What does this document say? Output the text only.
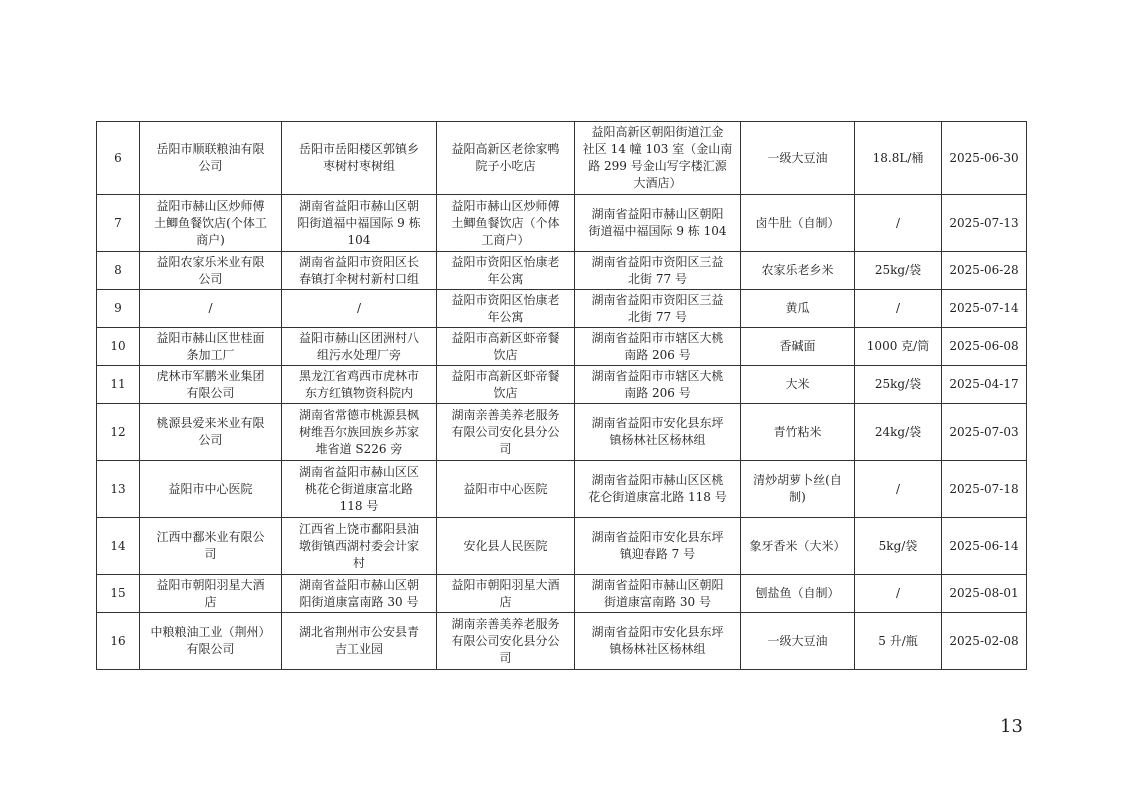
6	岳阳市顺联粮油有限
公司	岳阳市岳阳楼区郭镇乡
枣树村枣树组	益阳高新区老徐家鸭
院子小吃店	益阳高新区朝阳街道江金
社区 14 幢 103 室（金山南
路 299 号金山写字楼汇源
大酒店）	一级大豆油	18.8L/桶	2025-06-30
7	益阳市赫山区炒师傅
土鲫鱼餐饮店(个体工
商户)	湖南省益阳市赫山区朝
阳街道福中福国际 9 栋
104	益阳市赫山区炒师傅
土鲫鱼餐饮店（个体
工商户）	湖南省益阳市赫山区朝阳
街道福中福国际 9 栋 104	卤牛肚（自制）	/	2025-07-13
8	益阳农家乐米业有限
公司	湖南省益阳市资阳区长
春镇打伞树村新村口组	益阳市资阳区怡康老
年公寓	湖南省益阳市资阳区三益
北街 77 号	农家乐老乡米	25kg/袋	2025-06-28
9	/	/	益阳市资阳区怡康老
年公寓	湖南省益阳市资阳区三益
北街 77 号	黄瓜	/	2025-07-14
10	益阳市赫山区世桂面
条加工厂	益阳市赫山区团洲村八
组污水处理厂旁	益阳市高新区虾帝餐
饮店	湖南省益阳市市辖区大桃
南路 206 号	香碱面	1000 克/筒	2025-06-08
11	虎林市军鹏米业集团
有限公司	黑龙江省鸡西市虎林市
东方红镇物资科院内	益阳市高新区虾帝餐
饮店	湖南省益阳市市辖区大桃
南路 206 号	大米	25kg/袋	2025-04-17
12	桃源县爱来米业有限
公司	湖南省常德市桃源县枫
树维吾尔族回族乡苏家
堆省道 S226 旁	湖南亲善美养老服务
有限公司安化县分公
司	湖南省益阳市安化县东坪
镇杨林社区杨林组	青竹粘米	24kg/袋	2025-07-03
13	益阳市中心医院	湖南省益阳市赫山区区
桃花仑街道康富北路
118 号	益阳市中心医院	湖南省益阳市赫山区区桃
花仑街道康富北路 118 号	清炒胡萝卜丝(自
制)	/	2025-07-18
14	江西中鄱米业有限公
司	江西省上饶市鄱阳县油
墩街镇西湖村委会计家
村	安化县人民医院	湖南省益阳市安化县东坪
镇迎春路 7 号	象牙香米（大米）	5kg/袋	2025-06-14
15	益阳市朝阳羽星大酒
店	湖南省益阳市赫山区朝
阳街道康富南路 30 号	益阳市朝阳羽星大酒
店	湖南省益阳市赫山区朝阳
街道康富南路 30 号	刨盐鱼（自制）	/	2025-08-01
16	中粮粮油工业（荆州）
有限公司	湖北省荆州市公安县青
吉工业园	湖南亲善美养老服务
有限公司安化县分公
司	湖南省益阳市安化县东坪
镇杨林社区杨林组	一级大豆油	5 升/瓶	2025-02-08
13
